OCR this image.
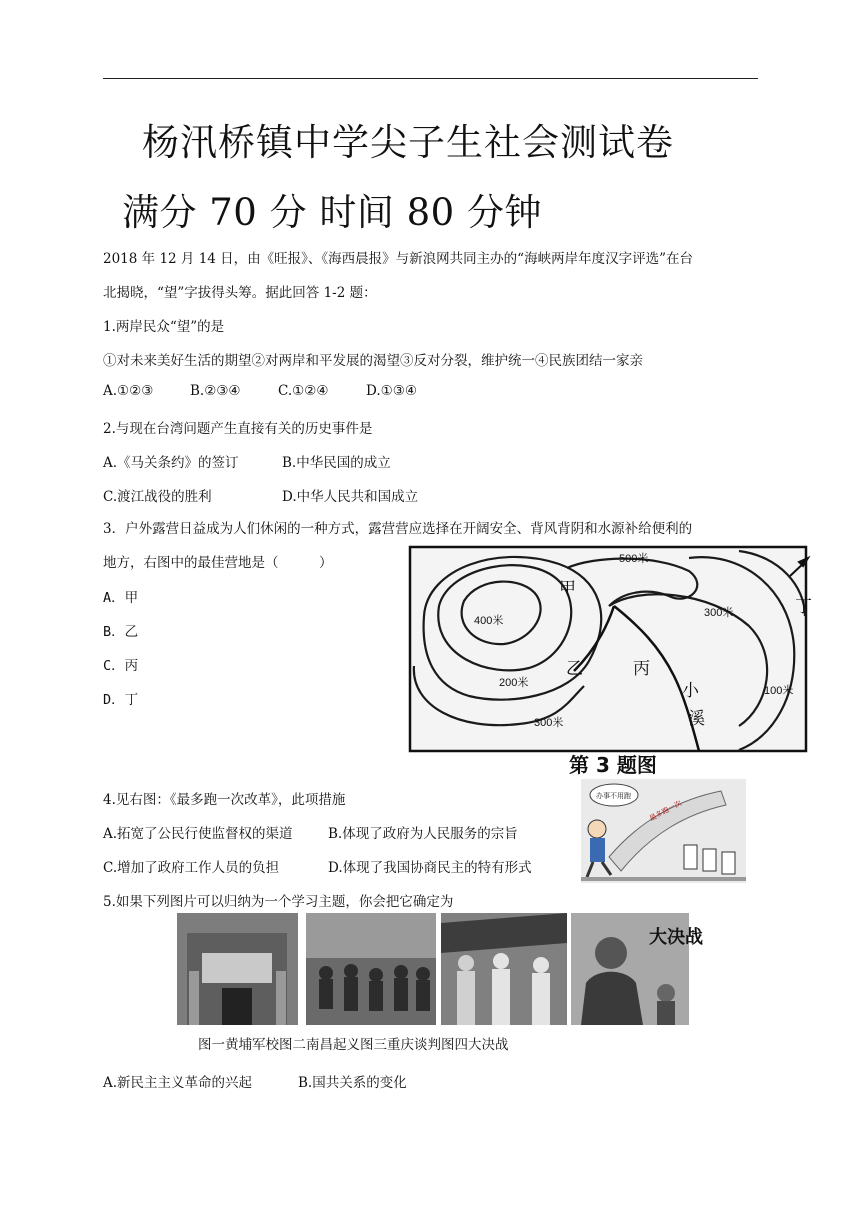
杨汛桥镇中学尖子生社会测试卷
满分 70 分 时间 80 分钟
2018 年 12 月 14 日，由《旺报》、《海西晨报》与新浪网共同主办的“海峡两岸年度汉字评选”在台
北揭晓，“望”字拔得头筹。据此回答 1-2 题：
1.两岸民众“望”的是
①对未来美好生活的期望②对两岸和平发展的渴望③反对分裂，维护统一④民族团结一家亲
A.①②③	B.②③④	C.①②④	D.①③④
2.与现在台湾问题产生直接有关的历史事件是
A.《马关条约》的签订	B.中华民国的成立
C.渡江战役的胜利	D.中华人民共和国成立
3．户外露营日益成为人们休闲的一种方式，露营营应选择在开阔安全、背风背阴和水源补给便利的
地方，右图中的最佳营地是（　　　）
A．甲
B．乙
C．丙
D．丁
500米
400米
300米
200米
300米
100米
甲
乙	丙
丁
小
溪
第 3 题图
4.见右图：《最多跑一次改革》，此项措施
A.拓宽了公民行使监督权的渠道	B.体现了政府为人民服务的宗旨
C.增加了政府工作人员的负担	D.体现了我国协商民主的特有形式
办事不用跑
最多跑一次
5.如果下列图片可以归纳为一个学习主题，你会把它确定为
大决战
图一黄埔军校图二南昌起义图三重庆谈判图四大决战
A.新民主主义革命的兴起	B.国共关系的变化
